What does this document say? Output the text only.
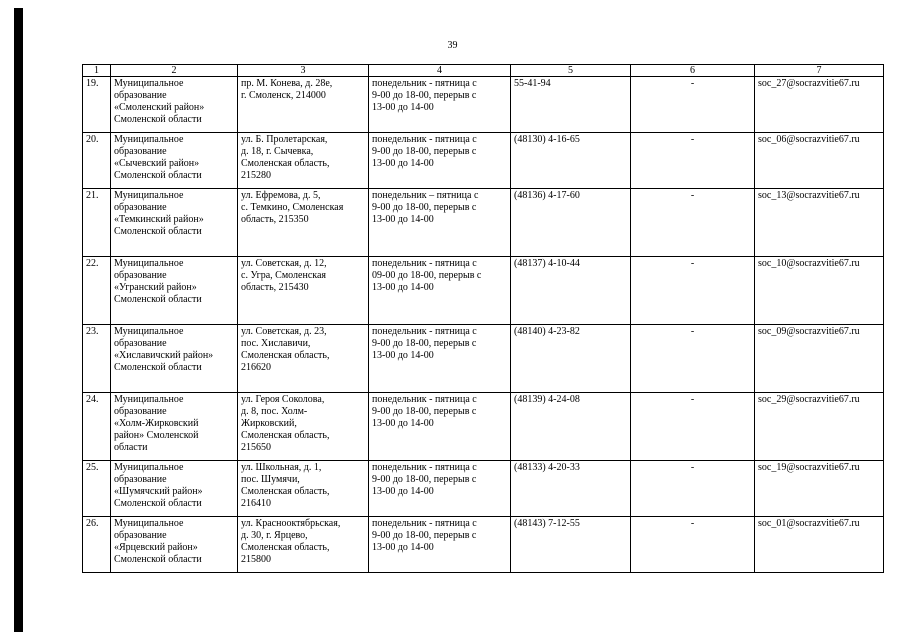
39
1	2	3	4	5	6	7
19.	Муниципальное
образование
«Смоленский район»
Смоленской области	пр. М. Конева, д. 28е,
г. Смоленск, 214000	понедельник - пятница с
9-00 до 18-00, перерыв с
13-00 до 14-00	55-41-94	-	soc_27@socrazvitie67.ru
20.	Муниципальное
образование
«Сычевский район»
Смоленской области	ул. Б. Пролетарская,
д. 18, г. Сычевка,
Смоленская область,
215280	понедельник - пятница с
9-00 до 18-00, перерыв с
13-00 до 14-00	(48130) 4-16-65	-	soc_06@socrazvitie67.ru
21.	Муниципальное
образование
«Темкинский район»
Смоленской области	ул. Ефремова, д. 5,
с. Темкино, Смоленская
область, 215350	понедельник – пятница с
9-00 до 18-00, перерыв с
13-00 до 14-00	(48136) 4-17-60	-	soc_13@socrazvitie67.ru
22.	Муниципальное
образование
«Угранский район»
Смоленской области	ул. Советская, д. 12,
с. Угра, Смоленская
область, 215430	понедельник - пятница с
09-00 до 18-00, перерыв с
13-00 до 14-00	(48137) 4-10-44	-	soc_10@socrazvitie67.ru
23.	Муниципальное
образование
«Хиславичский район»
Смоленской области	ул. Советская, д. 23,
пос. Хиславичи,
Смоленская область,
216620	понедельник - пятница с
9-00 до 18-00, перерыв с
13-00 до 14-00	(48140) 4-23-82	-	soc_09@socrazvitie67.ru
24.	Муниципальное
образование
«Холм-Жирковский
район» Смоленской
области	ул. Героя Соколова,
д. 8, пос. Холм-
Жирковский,
Смоленская область,
215650	понедельник - пятница с
9-00 до 18-00, перерыв с
13-00 до 14-00	(48139) 4-24-08	-	soc_29@socrazvitie67.ru
25.	Муниципальное
образование
«Шумячский район»
Смоленской области	ул. Школьная, д. 1,
пос. Шумячи,
Смоленская область,
216410	понедельник - пятница с
9-00 до 18-00, перерыв с
13-00 до 14-00	(48133) 4-20-33	-	soc_19@socrazvitie67.ru
26.	Муниципальное
образование
«Ярцевский район»
Смоленской области	ул. Краснооктябрьская,
д. 30, г. Ярцево,
Смоленская область,
215800	понедельник - пятница с
9-00 до 18-00, перерыв с
13-00 до 14-00	(48143) 7-12-55	-	soc_01@socrazvitie67.ru
